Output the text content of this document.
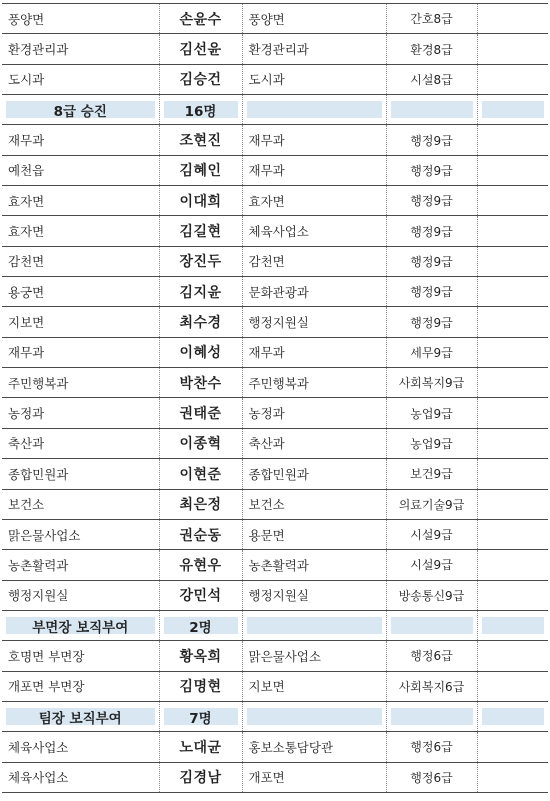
풍양면	손윤수	풍양면	간호8급	
환경관리과	김선윤	환경관리과	환경8급	
도시과	김승건	도시과	시설8급	

8급 승진	16명			

재무과	조현진	재무과	행정9급	
예천읍	김혜인	재무과	행정9급	
효자면	이대희	효자면	행정9급	
효자면	김길현	체육사업소	행정9급	
감천면	장진두	감천면	행정9급	
용궁면	김지윤	문화관광과	행정9급	
지보면	최수경	행정지원실	행정9급	
재무과	이혜성	재무과	세무9급	
주민행복과	박찬수	주민행복과	사회복지9급	
농정과	권태준	농정과	농업9급	
축산과	이종혁	축산과	농업9급	
종합민원과	이현준	종합민원과	보건9급	
보건소	최은정	보건소	의료기술9급	
맑은물사업소	권순동	용문면	시설9급	
농촌활력과	유현우	농촌활력과	시설9급	
행정지원실	강민석	행정지원실	방송통신9급	

부면장 보직부여	2명			

호명면 부면장	황옥희	맑은물사업소	행정6급	
개포면 부면장	김명현	지보면	사회복지6급	

팀장 보직부여	7명			

체육사업소	노대균	홍보소통담당관	행정6급	
체육사업소	김경남	개포면	행정6급	
